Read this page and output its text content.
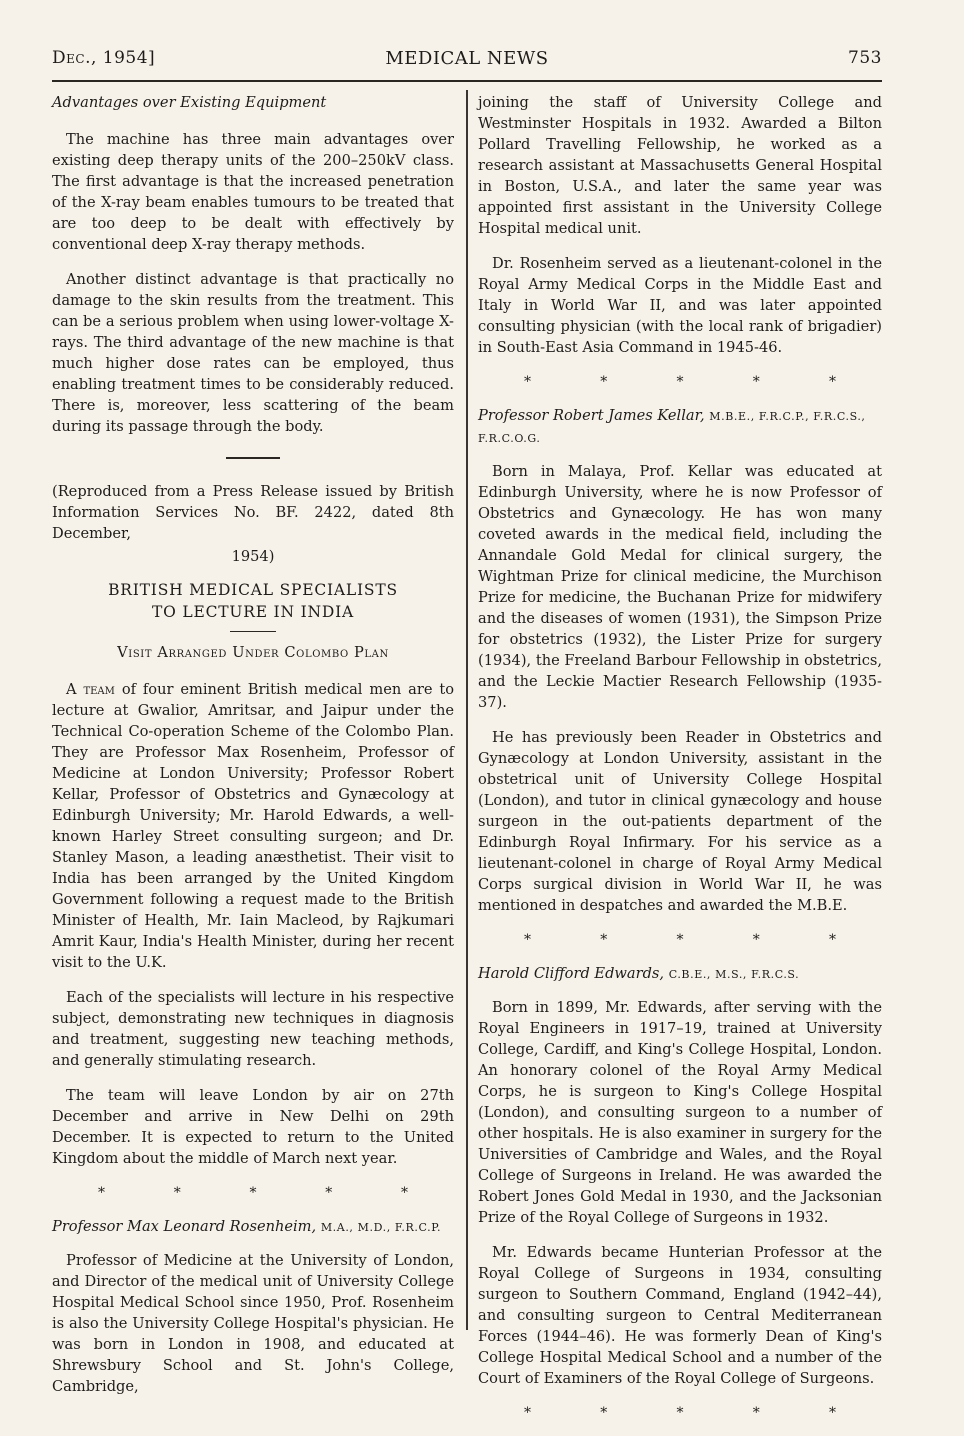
Dec., 1954]	MEDICAL NEWS	753
Advantages over Existing Equipment

The machine has three main advantages over existing deep therapy units of the 200–250kV class. The first advantage is that the increased penetration of the X-ray beam enables tumours to be treated that are too deep to be dealt with effectively by conventional deep X-ray therapy methods.

Another distinct advantage is that practically no damage to the skin results from the treatment. This can be a serious problem when using lower-voltage X-rays. The third advantage of the new machine is that much higher dose rates can be employed, thus enabling treatment times to be considerably reduced. There is, moreover, less scattering of the beam during its passage through the body.

(Reproduced from a Press Release issued by British Information Services No. BF. 2422, dated 8th December,

1954)
BRITISH MEDICAL SPECIALISTS
TO LECTURE IN INDIA
Visit Arranged Under Colombo Plan

A team of four eminent British medical men are to lecture at Gwalior, Amritsar, and Jaipur under the Technical Co-operation Scheme of the Colombo Plan. They are Professor Max Rosenheim, Professor of Medicine at London University; Professor Robert Kellar, Professor of Obstetrics and Gynæcology at Edinburgh University; Mr. Harold Edwards, a well-known Harley Street consulting surgeon; and Dr. Stanley Mason, a leading anæsthetist. Their visit to India has been arranged by the United Kingdom Government following a request made to the British Minister of Health, Mr. Iain Macleod, by Rajkumari Amrit Kaur, India's Health Minister, during her recent visit to the U.K.

Each of the specialists will lecture in his respective subject, demonstrating new techniques in diagnosis and treatment, suggesting new teaching methods, and generally stimulating research.

The team will leave London by air on 27th December and arrive in New Delhi on 29th December. It is expected to return to the United Kingdom about the middle of March next year.

*	*	*	*	*
Professor Max Leonard Rosenheim, M.A., M.D., F.R.C.P.

Professor of Medicine at the University of London, and Director of the medical unit of University College Hospital Medical School since 1950, Prof. Rosenheim is also the University College Hospital's physician. He was born in London in 1908, and educated at Shrewsbury School and St. John's College, Cambridge,

joining the staff of University College and Westminster Hospitals in 1932. Awarded a Bilton Pollard Travelling Fellowship, he worked as a research assistant at Massachusetts General Hospital in Boston, U.S.A., and later the same year was appointed first assistant in the University College Hospital medical unit.

Dr. Rosenheim served as a lieutenant-colonel in the Royal Army Medical Corps in the Middle East and Italy in World War II, and was later appointed consulting physician (with the local rank of brigadier) in South-East Asia Command in 1945-46.

*	*	*	*	*
Professor Robert James Kellar, M.B.E., F.R.C.P., F.R.C.S., F.R.C.O.G.

Born in Malaya, Prof. Kellar was educated at Edinburgh University, where he is now Professor of Obstetrics and Gynæcology. He has won many coveted awards in the medical field, including the Annandale Gold Medal for clinical surgery, the Wightman Prize for clinical medicine, the Murchison Prize for medicine, the Buchanan Prize for midwifery and the diseases of women (1931), the Simpson Prize for obstetrics (1932), the Lister Prize for surgery (1934), the Freeland Barbour Fellowship in obstetrics, and the Leckie Mactier Research Fellowship (1935-37).

He has previously been Reader in Obstetrics and Gynæcology at London University, assistant in the obstetrical unit of University College Hospital (London), and tutor in clinical gynæcology and house surgeon in the out-patients department of the Edinburgh Royal Infirmary. For his service as a lieutenant-colonel in charge of Royal Army Medical Corps surgical division in World War II, he was mentioned in despatches and awarded the M.B.E.

*	*	*	*	*
Harold Clifford Edwards, C.B.E., M.S., F.R.C.S.

Born in 1899, Mr. Edwards, after serving with the Royal Engineers in 1917–19, trained at University College, Cardiff, and King's College Hospital, London. An honorary colonel of the Royal Army Medical Corps, he is surgeon to King's College Hospital (London), and consulting surgeon to a number of other hospitals. He is also examiner in surgery for the Universities of Cambridge and Wales, and the Royal College of Surgeons in Ireland. He was awarded the Robert Jones Gold Medal in 1930, and the Jacksonian Prize of the Royal College of Surgeons in 1932.

Mr. Edwards became Hunterian Professor at the Royal College of Surgeons in 1934, consulting surgeon to Southern Command, England (1942–44), and consulting surgeon to Central Mediterranean Forces (1944–46). He was formerly Dean of King's College Hospital Medical School and a number of the Court of Examiners of the Royal College of Surgeons.

*	*	*	*	*
